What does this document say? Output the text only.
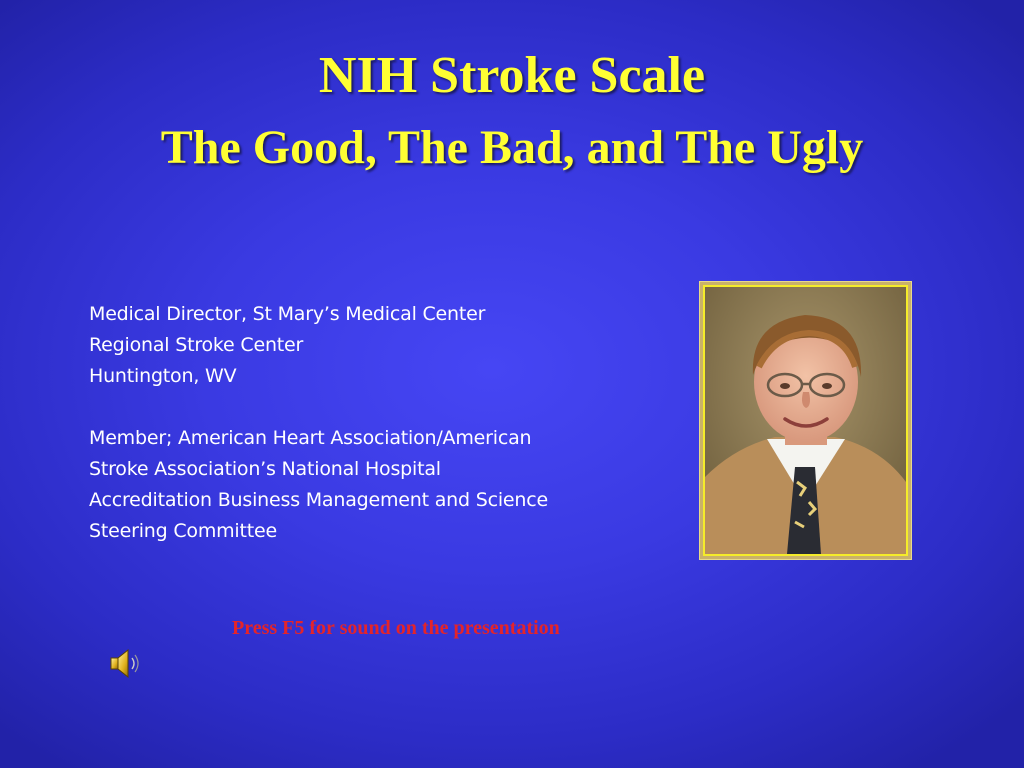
NIH Stroke Scale
The Good, The Bad, and The Ugly

Medical Director, St Mary’s Medical Center
Regional Stroke Center
Huntington, WV

Member; American Heart Association/American
Stroke Association’s National Hospital
Accreditation Business Management and Science
Steering Committee

Press F5 for sound on the presentation
